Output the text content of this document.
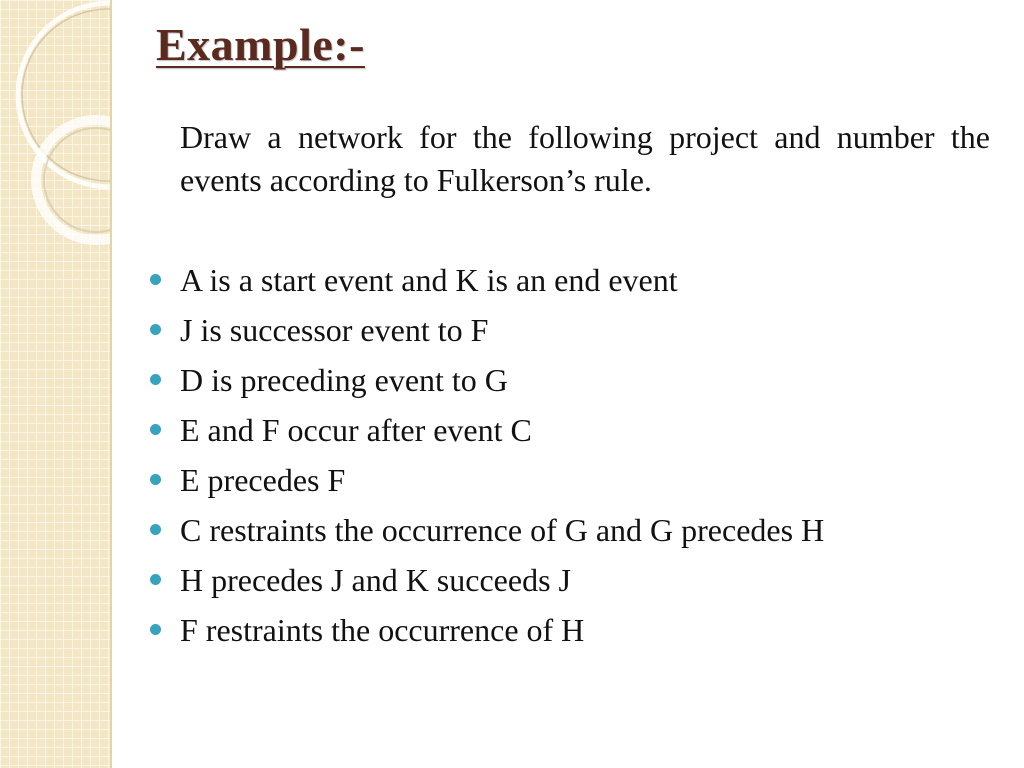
Example:-

Draw a network for the following project and number the events according to Fulkerson’s rule.

A is a start event and K is an end event
J is successor event to F
D is preceding event to G
E and F occur after event C
E precedes F
C restraints the occurrence of G and G precedes H
H precedes J and K succeeds J
F restraints the occurrence of H
